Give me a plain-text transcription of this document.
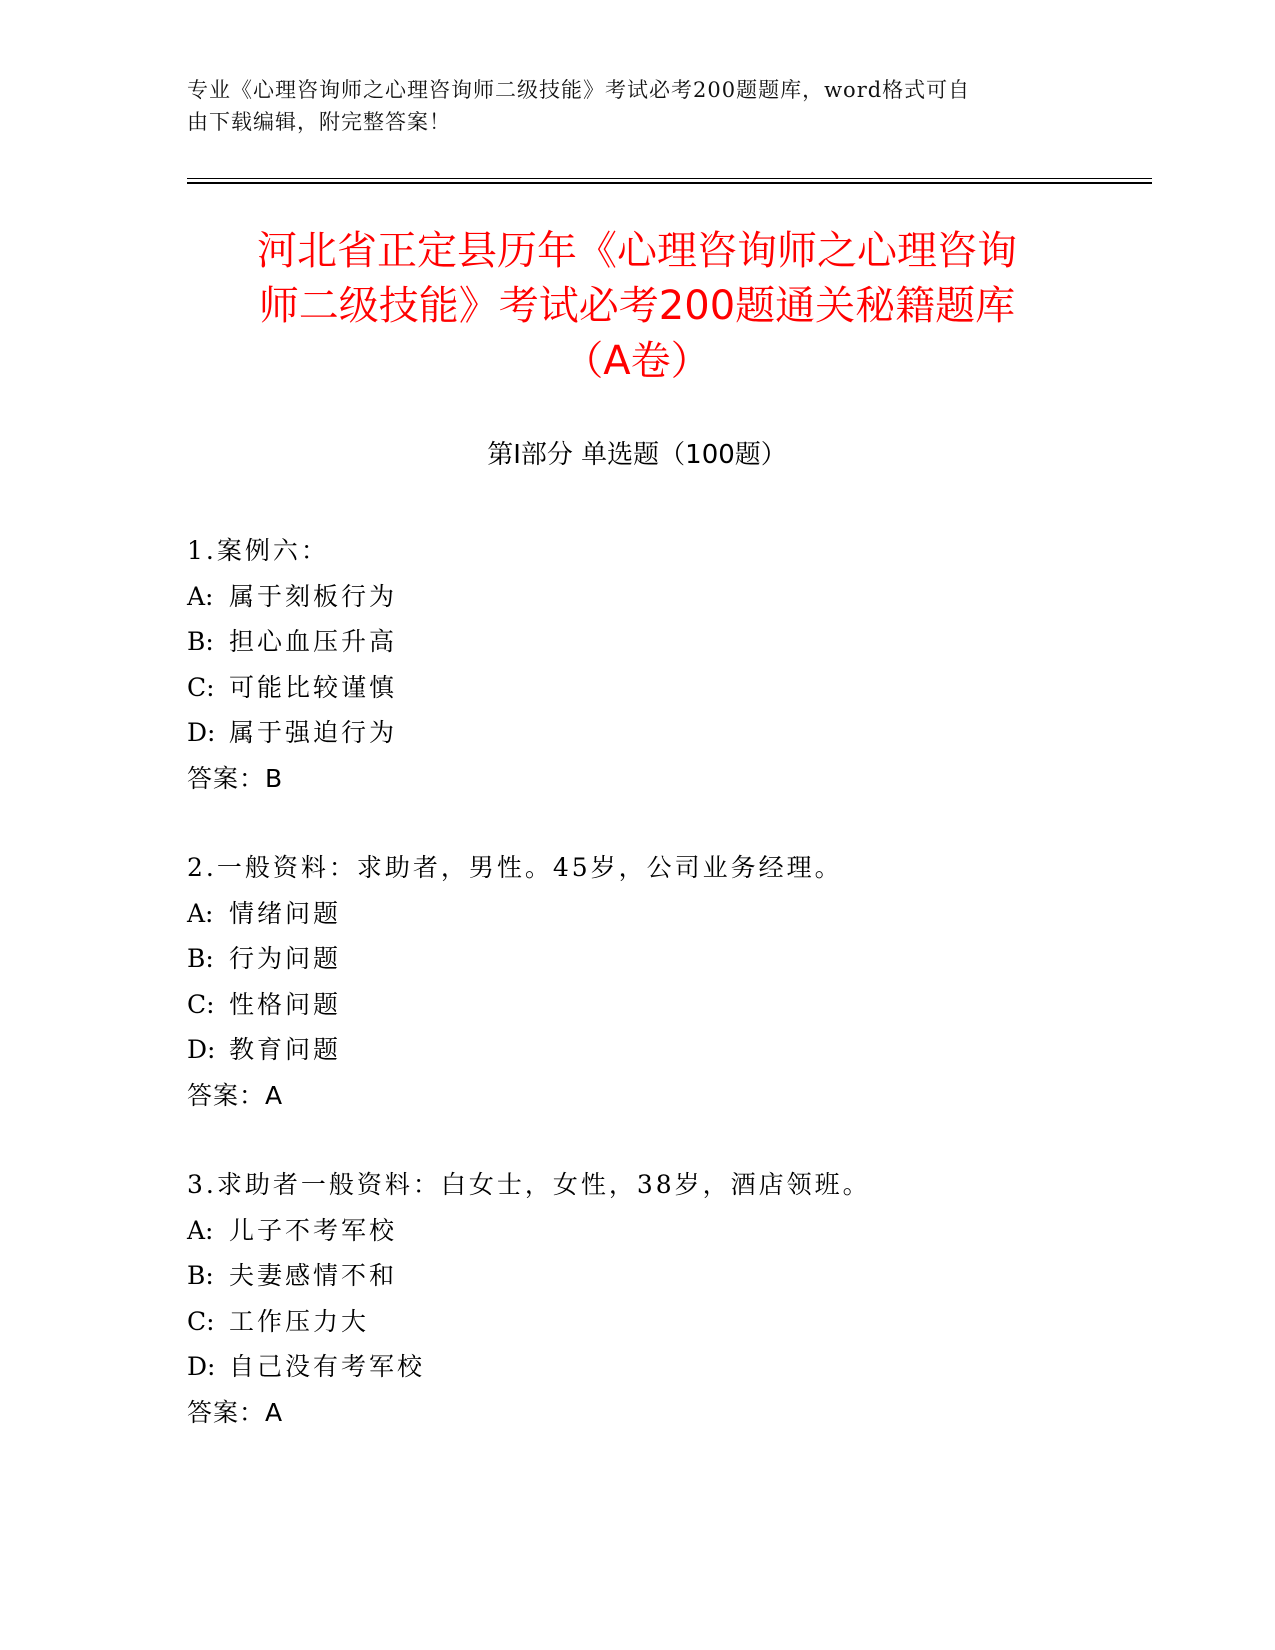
专业《心理咨询师之心理咨询师二级技能》考试必考200题题库，word格式可自
由下载编辑，附完整答案！
河北省正定县历年《心理咨询师之心理咨询
师二级技能》考试必考200题通关秘籍题库
（A卷）
第I部分 单选题（100题）
1.案例六：
A: 属于刻板行为
B: 担心血压升高
C: 可能比较谨慎
D: 属于强迫行为
答案：B
2.一般资料：求助者，男性。45岁，公司业务经理。
A: 情绪问题
B: 行为问题
C: 性格问题
D: 教育问题
答案：A
3.求助者一般资料：白女士，女性，38岁，酒店领班。
A: 儿子不考军校
B: 夫妻感情不和
C: 工作压力大
D: 自己没有考军校
答案：A
